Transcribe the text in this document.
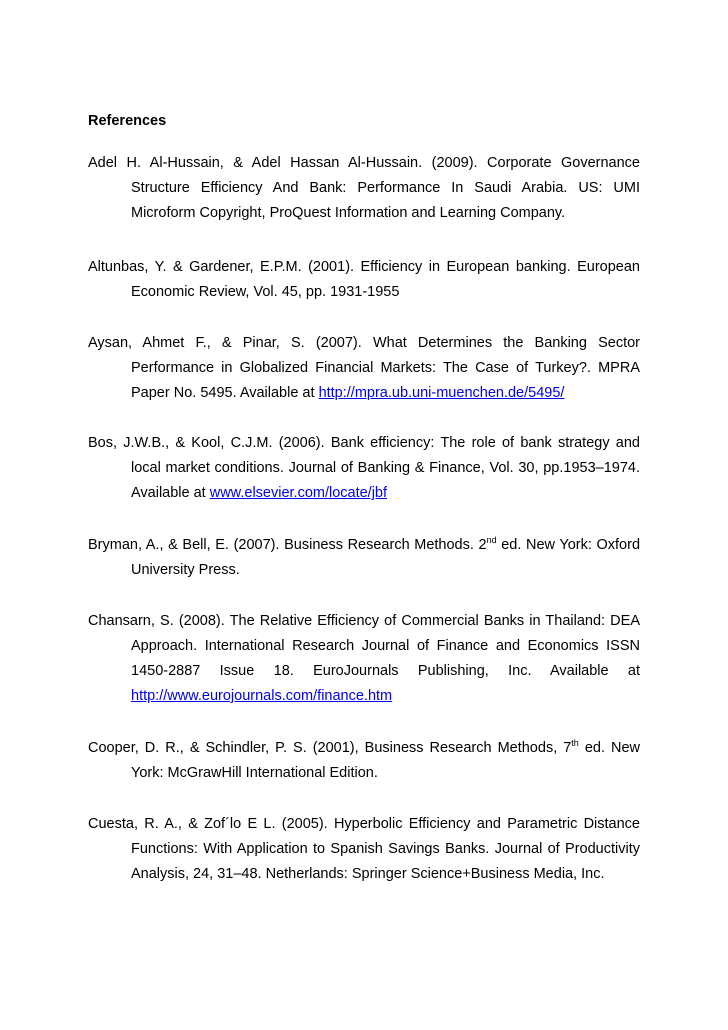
References

Adel H. Al-Hussain, & Adel Hassan Al-Hussain. (2009). Corporate Governance Structure Efficiency And Bank: Performance In Saudi Arabia. US: UMI Microform Copyright, ProQuest Information and Learning Company.

Altunbas, Y. & Gardener, E.P.M. (2001). Efficiency in European banking. European Economic Review, Vol. 45, pp. 1931-1955

Aysan, Ahmet F., & Pinar, S. (2007). What Determines the Banking Sector Performance in Globalized Financial Markets: The Case of Turkey?. MPRA Paper No. 5495. Available at http://mpra.ub.uni-muenchen.de/5495/

Bos, J.W.B., & Kool, C.J.M. (2006). Bank efficiency: The role of bank strategy and local market conditions. Journal of Banking & Finance, Vol. 30, pp.1953–1974. Available at www.elsevier.com/locate/jbf

Bryman, A., & Bell, E. (2007). Business Research Methods. 2nd ed. New York: Oxford University Press.

Chansarn, S. (2008). The Relative Efficiency of Commercial Banks in Thailand: DEA Approach. International Research Journal of Finance and Economics ISSN 1450-2887 Issue 18. EuroJournals Publishing, Inc. Available at http://www.eurojournals.com/finance.htm

Cooper, D. R., & Schindler, P. S. (2001), Business Research Methods, 7th ed. New York: McGrawHill International Edition.

Cuesta, R. A., & Zof´lo E L. (2005). Hyperbolic Efficiency and Parametric Distance Functions: With Application to Spanish Savings Banks. Journal of Productivity Analysis, 24, 31–48. Netherlands: Springer Science+Business Media, Inc.
